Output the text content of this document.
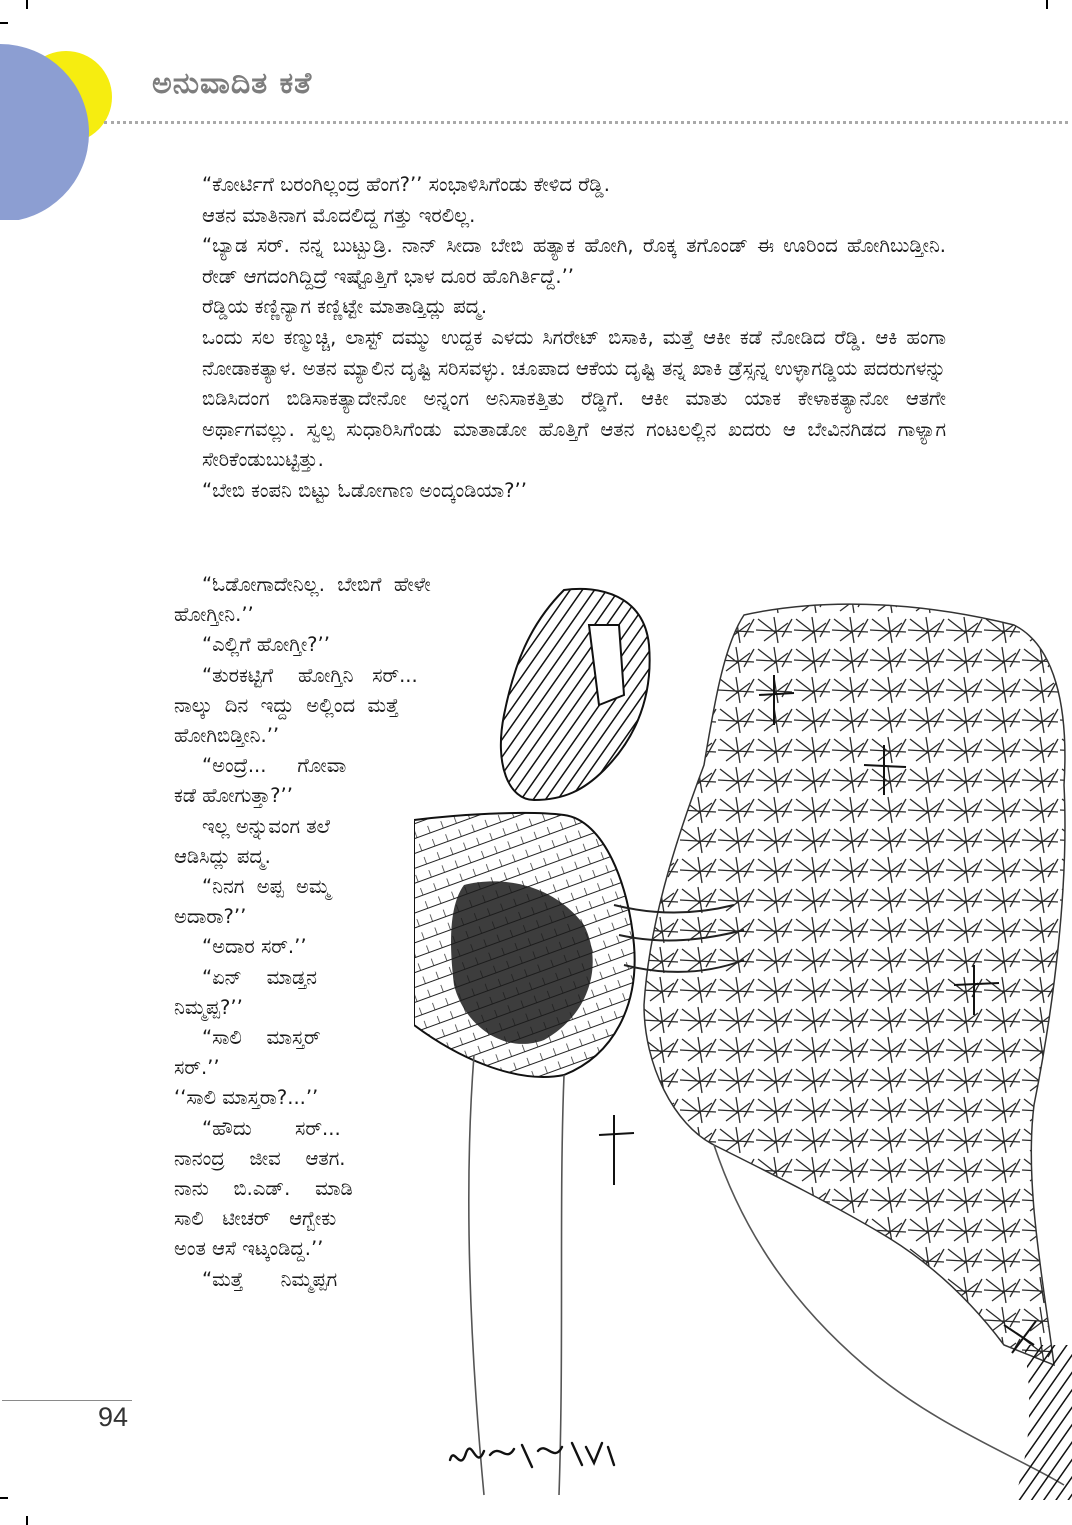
ಅನುವಾದಿತ ಕತೆ

“ಕೋರ್ಟಿಗೆ ಬರಂಗಿಲ್ಲಂದ್ರ ಹೆಂಗ?’’ ಸಂಭಾಳಿಸಿಗೆಂಡು ಕೇಳಿದ ರೆಡ್ಡಿ.

ಆತನ ಮಾತಿನಾಗ ಮೊದಲಿದ್ದ ಗತ್ತು ಇರಲಿಲ್ಲ.

“ಬ್ಯಾಡ ಸರ್. ನನ್ನ ಬುಟ್ಬುಡ್ರಿ. ನಾನ್ ಸೀದಾ ಬೇಬಿ ಹತ್ಯಾಕ ಹೋಗಿ, ರೊಕ್ಕ ತಗೊಂಡ್ ಈ ಊರಿಂದ ಹೋಗಿಬುಡ್ತೀನಿ. ರೇಡ್ ಆಗದಂಗಿದ್ದಿದ್ರೆ ಇಷ್ಟೊತ್ತಿಗೆ ಭಾಳ ದೂರ ಹೊಗಿರ್ತಿದ್ದೆ.’’

ರೆಡ್ಡಿಯ ಕಣ್ಣಿನ್ಯಾಗ ಕಣ್ಣಿಟ್ಟೇ ಮಾತಾಡ್ತಿದ್ಲು ಪದ್ಮ.

ಒಂದು ಸಲ ಕಣ್ಮುಚ್ಚಿ, ಲಾಸ್ಟ್ ದಮ್ಮು ಉದ್ದಕ ಎಳದು ಸಿಗರೇಟ್ ಬಿಸಾಕಿ, ಮತ್ತೆ ಆಕೀ ಕಡೆ ನೋಡಿದ ರೆಡ್ಡಿ. ಆಕಿ ಹಂಗಾ ನೋಡಾಕತ್ಯಾಳ. ಅತನ ಮ್ಯಾಲಿನ ದೃಷ್ಟಿ ಸರಿಸವಳ್ಳು. ಚೂಪಾದ ಆಕೆಯ ದೃಷ್ಟಿ ತನ್ನ ಖಾಕಿ ಡ್ರೆಸ್ಸನ್ನ ಉಳ್ಳಾಗಡ್ಡಿಯ ಪದರುಗಳನ್ನು ಬಿಡಿಸಿದಂಗ ಬಿಡಿಸಾಕತ್ಯಾದೇನೋ ಅನ್ನಂಗ ಅನಿಸಾಕತ್ತಿತು ರೆಡ್ಡಿಗೆ. ಆಕೀ ಮಾತು ಯಾಕ ಕೇಳಾಕತ್ಯಾನೋ ಆತಗೇ ಅರ್ಥಾಗವಲ್ಲು. ಸ್ವಲ್ಪ ಸುಧಾರಿಸಿಗೆಂಡು ಮಾತಾಡೋ ಹೊತ್ತಿಗೆ ಆತನ ಗಂಟಲಲ್ಲಿನ ಖದರು ಆ ಬೇವಿನಗಿಡದ ಗಾಳ್ಯಾಗ ಸೇರಿಕೆಂಡುಬುಟ್ಟಿತ್ತು.

“ಬೇಬಿ ಕಂಪನಿ ಬಿಟ್ಟು ಓಡೋಗಾಣ ಅಂದ್ಕಂಡಿಯಾ?’’

“ಓಡೋಗಾದೇನಿಲ್ಲ.  ಬೇಬಿಗೆ  ಹೇಳೇ

ಹೋಗ್ತೀನಿ.’’

“ಎಲ್ಲಿಗೆ ಹೋಗ್ತೀ?’’

“ತುರಕಟ್ಟಿಗೆ    ಹೋಗ್ತಿನಿ   ಸರ್...

ನಾಲ್ಕು  ದಿನ  ಇದ್ದು  ಅಲ್ಲಿಂದ  ಮತ್ತೆ

ಹೋಗಿಬಿಡ್ತೀನಿ.’’

“ಅಂದ್ರೆ...     ಗೋವಾ

ಕಡೆ ಹೋಗುತ್ತಾ?’’

ಇಲ್ಲ ಅನ್ನುವಂಗ ತಲೆ

ಆಡಿಸಿದ್ಲು ಪದ್ಮ.

“ನಿನಗ  ಅಪ್ಪ  ಅಮ್ಮ

ಅದಾರಾ?’’

“ಅದಾರ ಸರ್.’’

“ಏನ್    ಮಾಡ್ತನ

ನಿಮ್ಮಪ್ಪ?’’

“ಸಾಲಿ    ಮಾಸ್ತರ್

ಸರ್.’’

‘‘ಸಾಲಿ ಮಾಸ್ತರಾ?...’’

“ಹೌದು       ಸರ್...

ನಾನಂದ್ರ    ಜೀವ    ಆತಗ.

ನಾನು    ಬಿ.ಎಡ್.    ಮಾಡಿ

ಸಾಲಿ   ಟೀಚರ್   ಆಗ್ಬೇಕು

ಅಂತ ಆಸೆ ಇಟ್ಕಂಡಿದ್ದ.’’

“ಮತ್ತೆ      ನಿಮ್ಮಪ್ಪಗ

94
